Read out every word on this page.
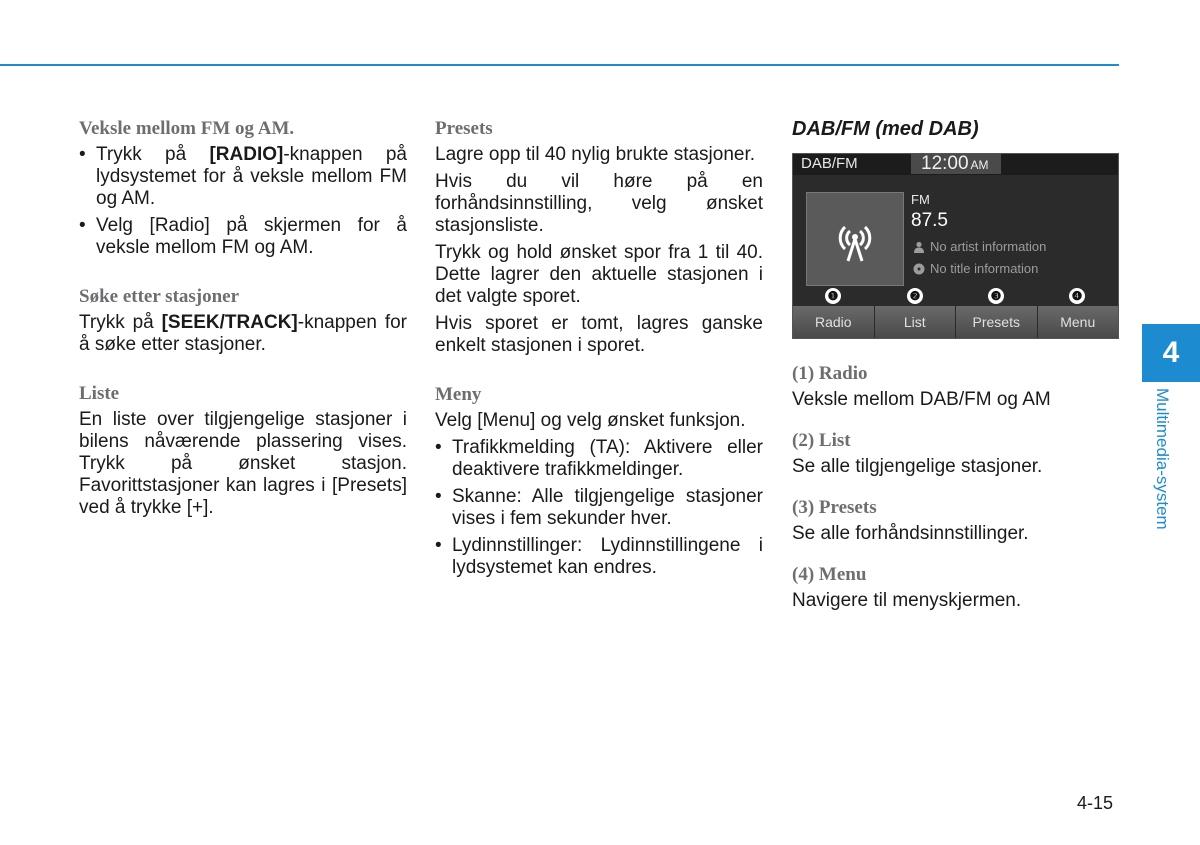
Veksle mellom FM og AM.
• Trykk på [RADIO]-knappen på lydsystemet for å veksle mellom FM og AM.
• Velg [Radio] på skjermen for å veksle mellom FM og AM.
Søke etter stasjoner
Trykk på [SEEK/TRACK]-knappen for å søke etter stasjoner.
Liste
En liste over tilgjengelige stasjoner i bilens nåværende plassering vises. Trykk på ønsket stasjon. Favorittstasjoner kan lagres i [Presets] ved å trykke [+].
Presets
Lagre opp til 40 nylig brukte stasjoner.
Hvis du vil høre på en forhåndsinnstilling, velg ønsket stasjonsliste.
Trykk og hold ønsket spor fra 1 til 40. Dette lagrer den aktuelle stasjonen i det valgte sporet.
Hvis sporet er tomt, lagres ganske enkelt stasjonen i sporet.
Meny
Velg [Menu] og velg ønsket funksjon.
• Trafikkmelding (TA): Aktivere eller deaktivere trafikkmeldinger.
• Skanne: Alle tilgjengelige stasjoner vises i fem sekunder hver.
• Lydinnstillinger: Lydinnstillingene i lydsystemet kan endres.
DAB/FM (med DAB)
DAB/FM	12:00 AM
FM
87.5
No artist information
No title information
❶	❷	❸	❹
Radio	List	Presets	Menu
(1) Radio
Veksle mellom DAB/FM og AM
(2) List
Se alle tilgjengelige stasjoner.
(3) Presets
Se alle forhåndsinnstillinger.
(4) Menu
Navigere til menyskjermen.
4
Multimedia-system
4-15
